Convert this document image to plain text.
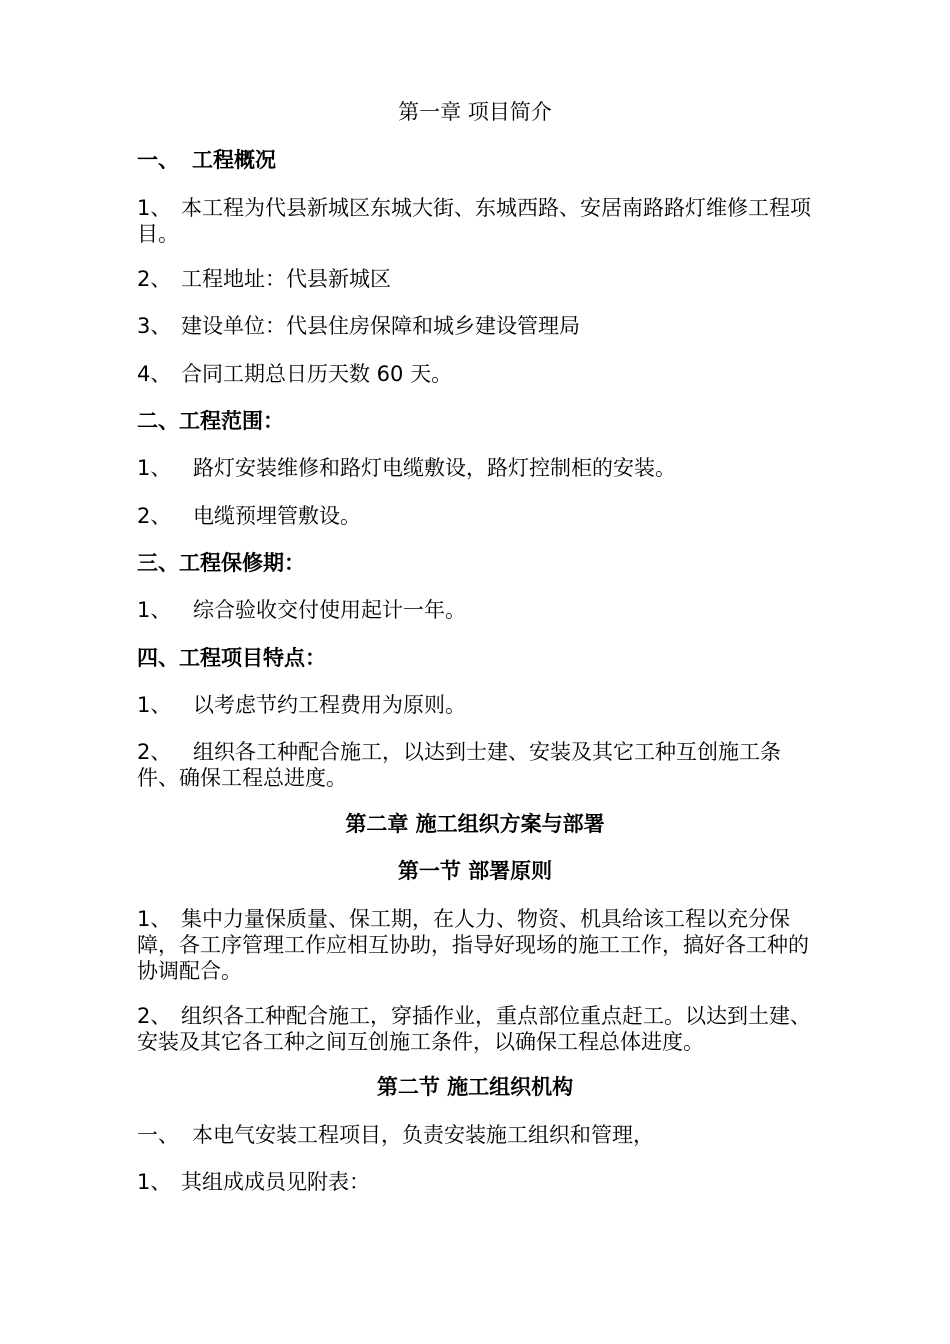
第一章 项目简介
一、 工程概况
1、 本工程为代县新城区东城大街、东城西路、安居南路路灯维修工程项目。
2、 工程地址：代县新城区
3、 建设单位：代县住房保障和城乡建设管理局
4、 合同工期总日历天数 60 天。
二、工程范围：
1、 路灯安装维修和路灯电缆敷设，路灯控制柜的安装。
2、 电缆预埋管敷设。
三、工程保修期：
1、 综合验收交付使用起计一年。
四、工程项目特点：
1、 以考虑节约工程费用为原则。
2、 组织各工种配合施工，以达到士建、安装及其它工种互创施工条件、确保工程总进度。
第二章 施工组织方案与部署
第一节 部署原则
1、 集中力量保质量、保工期，在人力、物资、机具给该工程以充分保障，各工序管理工作应相互协助，指导好现场的施工工作，搞好各工种的协调配合。
2、 组织各工种配合施工，穿插作业，重点部位重点赶工。以达到土建、安装及其它各工种之间互创施工条件，以确保工程总体进度。
第二节 施工组织机构
一、 本电气安装工程项目，负责安装施工组织和管理，
1、 其组成成员见附表：
